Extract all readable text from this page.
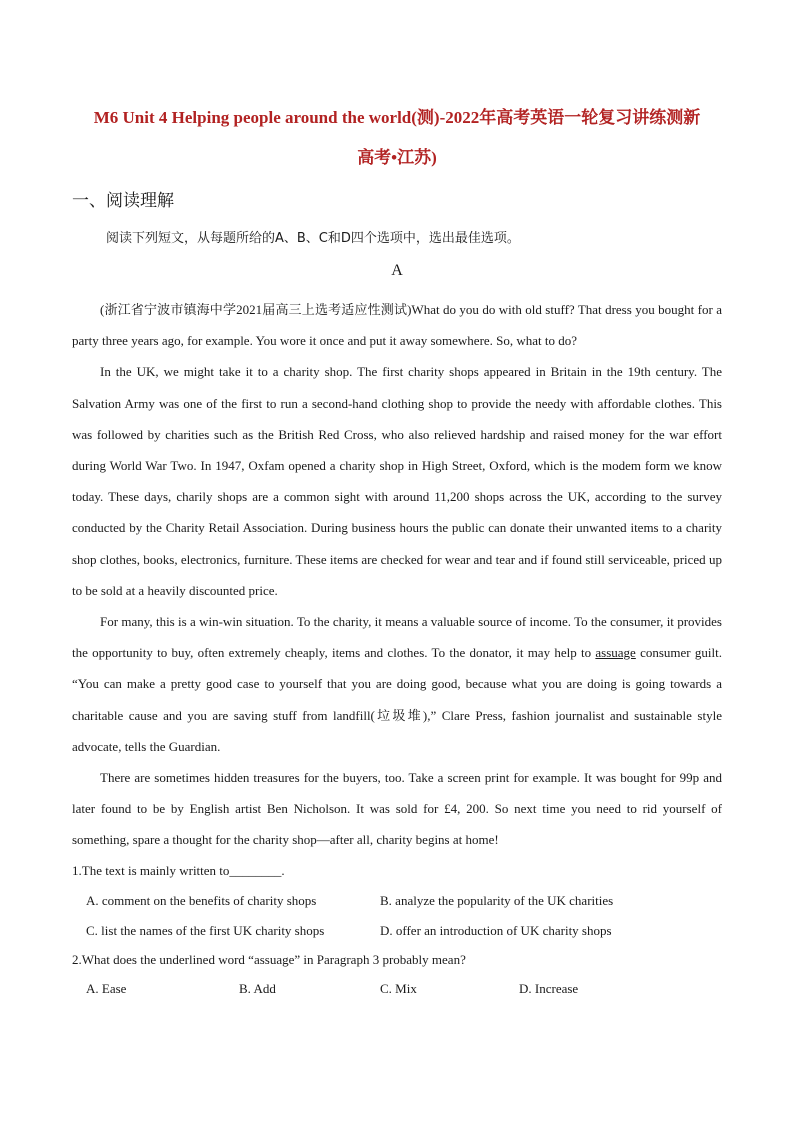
M6 Unit 4 Helping people around the world(测)-2022年高考英语一轮复习讲练测新
高考•江苏)
一、阅读理解
阅读下列短文，从每题所给的A、B、C和D四个选项中，选出最佳选项。
A

(浙江省宁波市镇海中学2021届高三上选考适应性测试)What do you do with old stuff? That dress you bought for a party three years ago, for example. You wore it once and put it away somewhere. So, what to do?

In the UK, we might take it to a charity shop. The first charity shops appeared in Britain in the 19th century. The Salvation Army was one of the first to run a second-hand clothing shop to provide the needy with affordable clothes. This was followed by charities such as the British Red Cross, who also relieved hardship and raised money for the war effort during World War Two. In 1947, Oxfam opened a charity shop in High Street, Oxford, which is the modem form we know today. These days, charily shops are a common sight with around 11,200 shops across the UK, according to the survey conducted by the Charity Retail Association. During business hours the public can donate their unwanted items to a charity shop clothes, books, electronics, furniture. These items are checked for wear and tear and if found still serviceable, priced up to be sold at a heavily discounted price.

For many, this is a win-win situation. To the charity, it means a valuable source of income. To the consumer, it provides the opportunity to buy, often extremely cheaply, items and clothes. To the donator, it may help to assuage consumer guilt. “You can make a pretty good case to yourself that you are doing good, because what you are doing is going towards a charitable cause and you are saving stuff from landfill(垃圾堆),” Clare Press, fashion journalist and sustainable style advocate, tells the Guardian.

There are sometimes hidden treasures for the buyers, too. Take a screen print for example. It was bought for 99p and later found to be by English artist Ben Nicholson. It was sold for £4, 200. So next time you need to rid yourself of something, spare a thought for the charity shop—after all, charity begins at home!

1.The text is mainly written to________.
A. comment on the benefits of charity shops	B. analyze the popularity of the UK charities
C. list the names of the first UK charity shops	D. offer an introduction of UK charity shops
2.What does the underlined word “assuage” in Paragraph 3 probably mean?
A. Ease	B. Add	C. Mix	D. Increase
